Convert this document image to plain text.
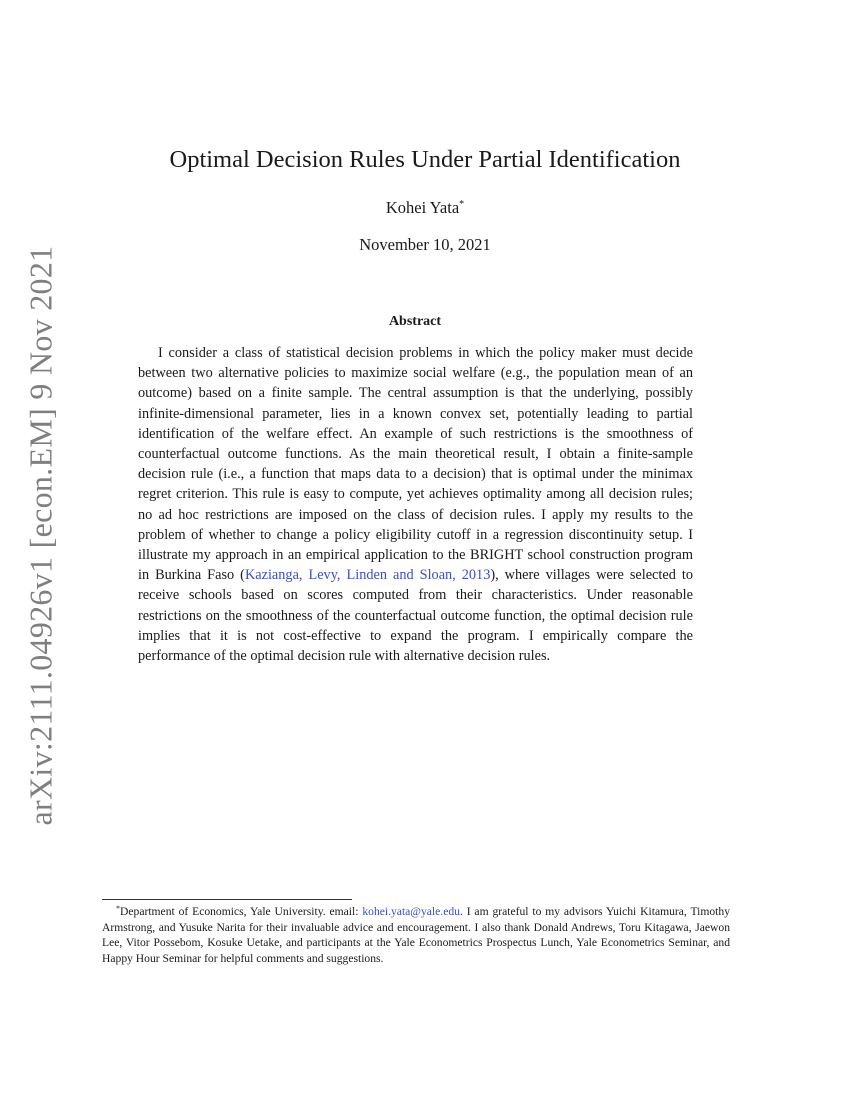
arXiv:2111.04926v1 [econ.EM] 9 Nov 2021
Optimal Decision Rules Under Partial Identification
Kohei Yata*
November 10, 2021
Abstract

I consider a class of statistical decision problems in which the policy maker must decide between two alternative policies to maximize social welfare (e.g., the population mean of an outcome) based on a finite sample. The central assumption is that the underlying, possibly infinite-dimensional parameter, lies in a known convex set, potentially leading to partial identification of the welfare effect. An example of such restrictions is the smoothness of counterfactual outcome functions. As the main theoretical result, I obtain a finite-sample decision rule (i.e., a function that maps data to a decision) that is optimal under the minimax regret criterion. This rule is easy to compute, yet achieves optimality among all decision rules; no ad hoc restrictions are imposed on the class of decision rules. I apply my results to the problem of whether to change a policy eligibility cutoff in a regression discontinuity setup. I illustrate my approach in an empirical application to the BRIGHT school construction program in Burkina Faso (Kazianga, Levy, Linden and Sloan, 2013), where villages were selected to receive schools based on scores computed from their characteristics. Under reasonable restrictions on the smoothness of the counterfactual outcome function, the optimal decision rule implies that it is not cost-effective to expand the program. I empirically compare the performance of the optimal decision rule with alternative decision rules.

*Department of Economics, Yale University. email: kohei.yata@yale.edu. I am grateful to my advisors Yuichi Kitamura, Timothy Armstrong, and Yusuke Narita for their invaluable advice and encouragement. I also thank Donald Andrews, Toru Kitagawa, Jaewon Lee, Vitor Possebom, Kosuke Uetake, and participants at the Yale Econometrics Prospectus Lunch, Yale Econometrics Seminar, and Happy Hour Seminar for helpful comments and suggestions.
